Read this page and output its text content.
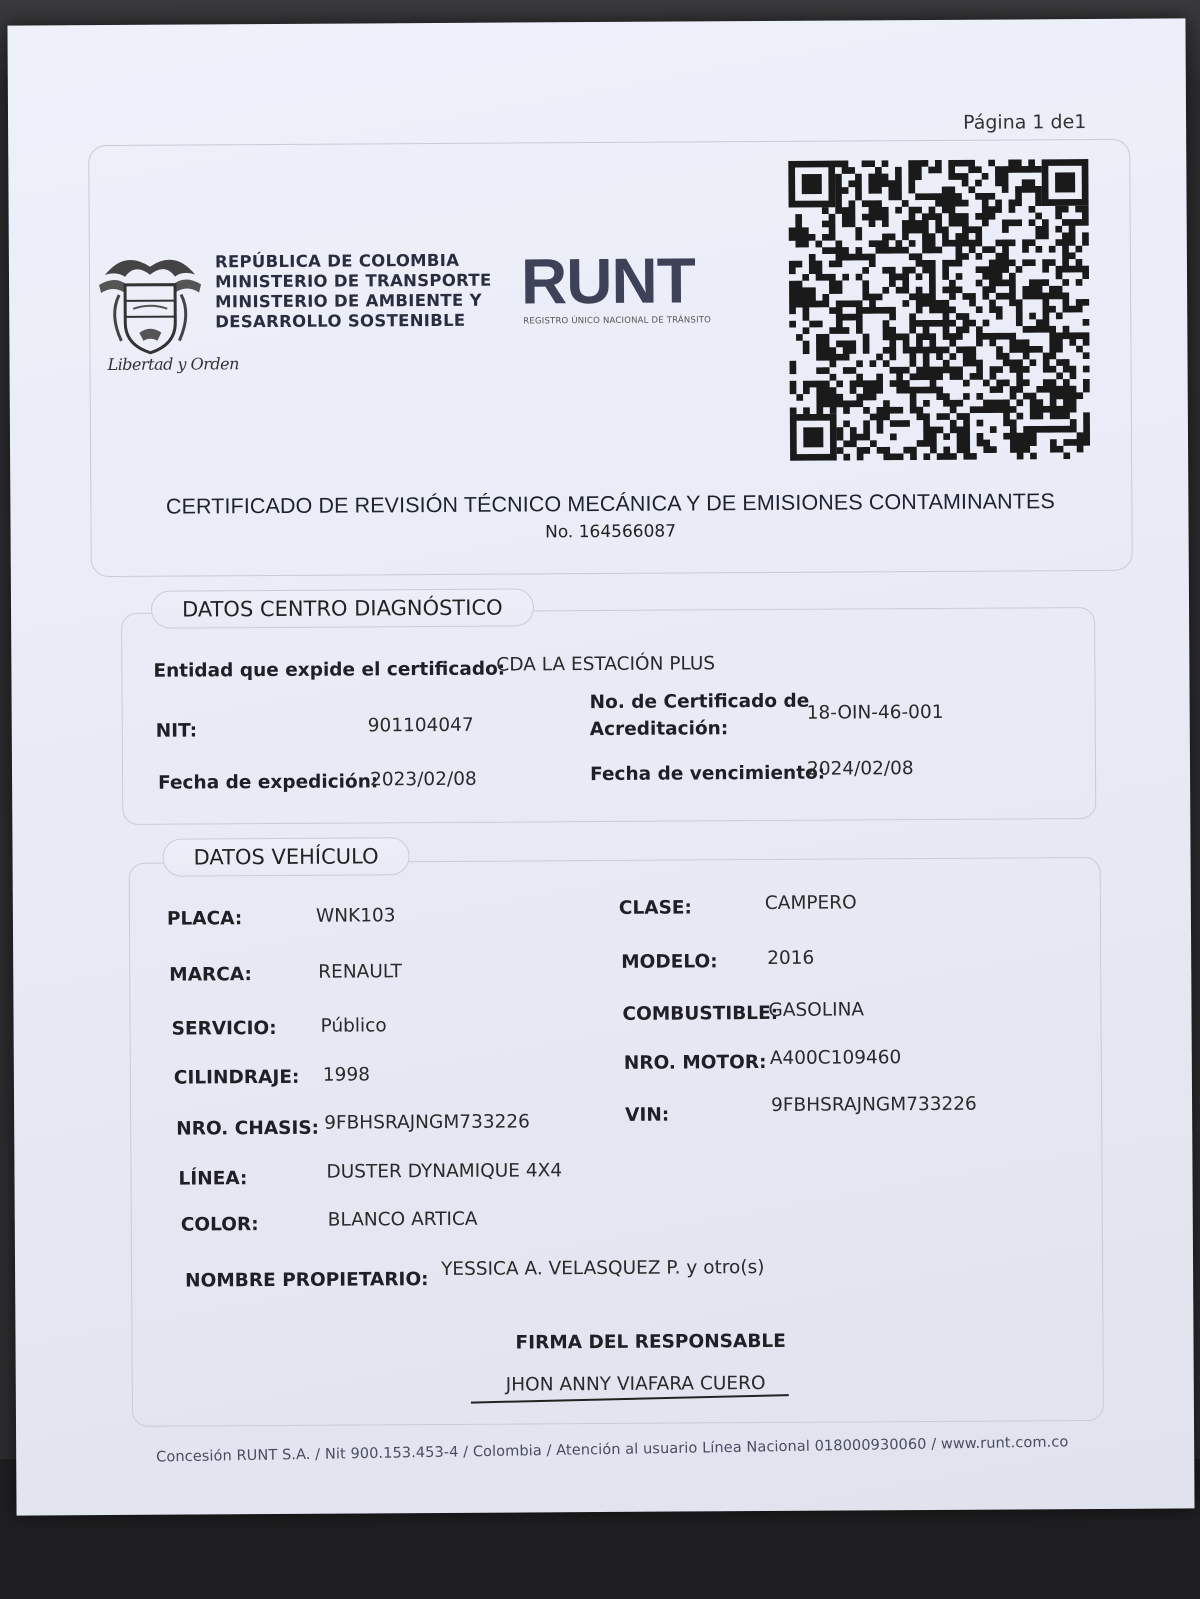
Página 1 de1
Libertad y Orden
REPÚBLICA DE COLOMBIA
MINISTERIO DE TRANSPORTE
MINISTERIO DE AMBIENTE Y
DESARROLLO SOSTENIBLE
RUNT
REGISTRO ÚNICO NACIONAL DE TRÁNSITO
CERTIFICADO DE REVISIÓN TÉCNICO MECÁNICA Y DE EMISIONES CONTAMINANTES
No. 164566087
DATOS CENTRO DIAGNÓSTICO
Entidad que expide el certificado:
CDA LA ESTACIÓN PLUS
NIT:	901104047
No. de Certificado de
Acreditación:
18-OIN-46-001
Fecha de expedición:
2023/02/08	Fecha de vencimiento:
2024/02/08
DATOS VEHÍCULO
PLACA:	WNK103	CLASE:	CAMPERO
MARCA:	RENAULT	MODELO:	2016
SERVICIO: Público
COMBUSTIBLE:
GASOLINA
CILINDRAJE: 1998
NRO. MOTOR: A400C109460
NRO. CHASIS: 9FBHSRAJNGM733226	VIN:	9FBHSRAJNGM733226
LÍNEA:	DUSTER DYNAMIQUE 4X4
COLOR:	BLANCO ARTICA
NOMBRE PROPIETARIO:
YESSICA A. VELASQUEZ P. y otro(s)
FIRMA DEL RESPONSABLE
JHON ANNY VIAFARA CUERO
Concesión RUNT S.A. / Nit 900.153.453-4 / Colombia / Atención al usuario Línea Nacional 018000930060 / www.runt.com.co
